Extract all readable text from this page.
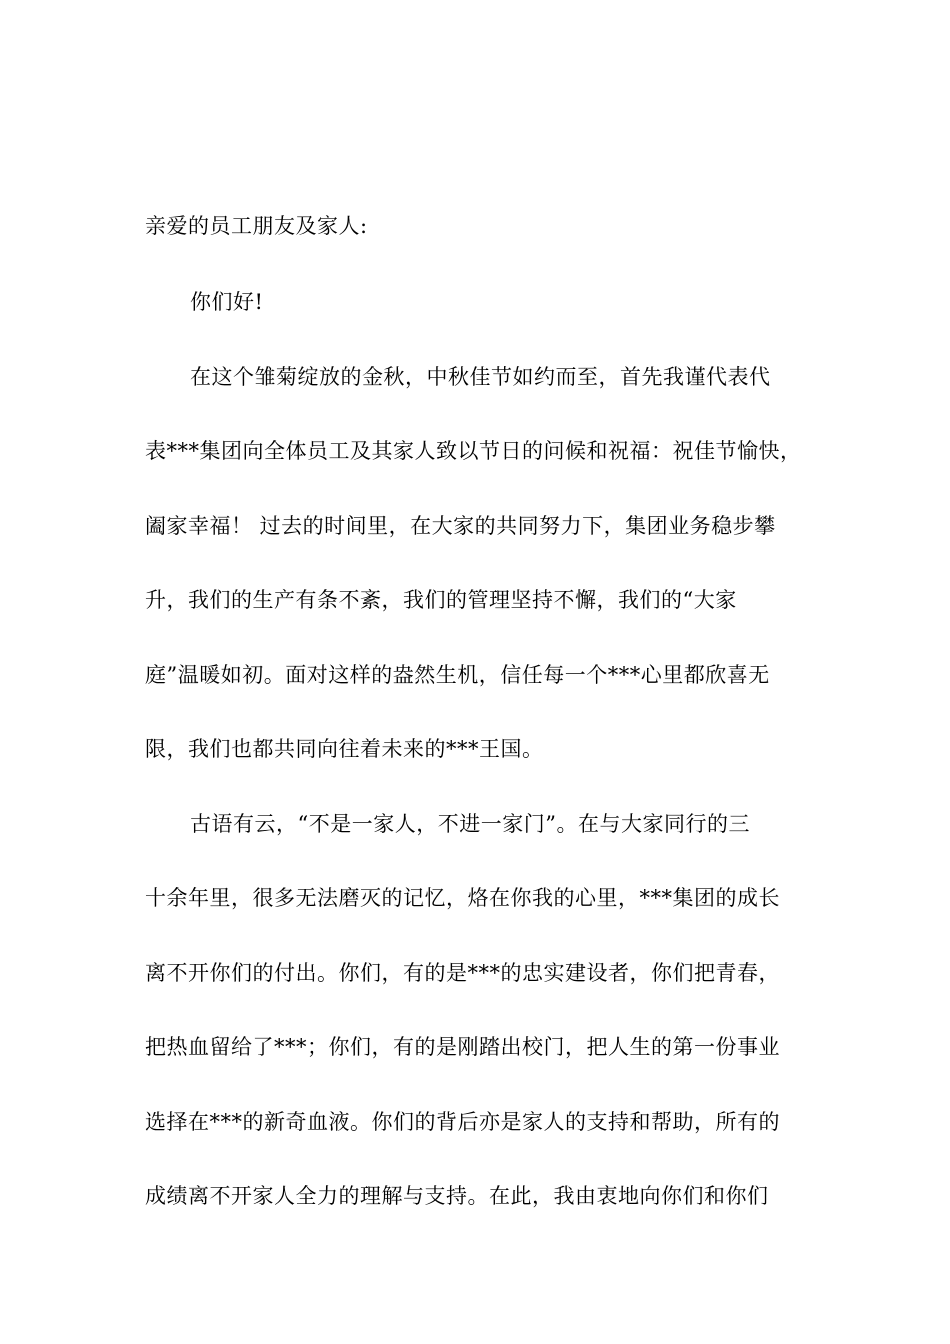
亲爱的员工朋友及家人:
你们好!
在这个雏菊绽放的金秋，中秋佳节如约而至，首先我谨代表代
表***集团向全体员工及其家人致以节日的问候和祝福：祝佳节愉快，
阖家幸福！ 过去的时间里，在大家的共同努力下，集团业务稳步攀
升，我们的生产有条不紊，我们的管理坚持不懈，我们的“大家
庭”温暖如初。面对这样的盎然生机，信任每一个***心里都欣喜无
限，我们也都共同向往着未来的***王国。
古语有云，“不是一家人，不进一家门”。在与大家同行的三
十余年里，很多无法磨灭的记忆，烙在你我的心里，***集团的成长
离不开你们的付出。你们，有的是***的忠实建设者，你们把青春，
把热血留给了***；你们，有的是刚踏出校门，把人生的第一份事业
选择在***的新奇血液。你们的背后亦是家人的支持和帮助，所有的
成绩离不开家人全力的理解与支持。在此，我由衷地向你们和你们
